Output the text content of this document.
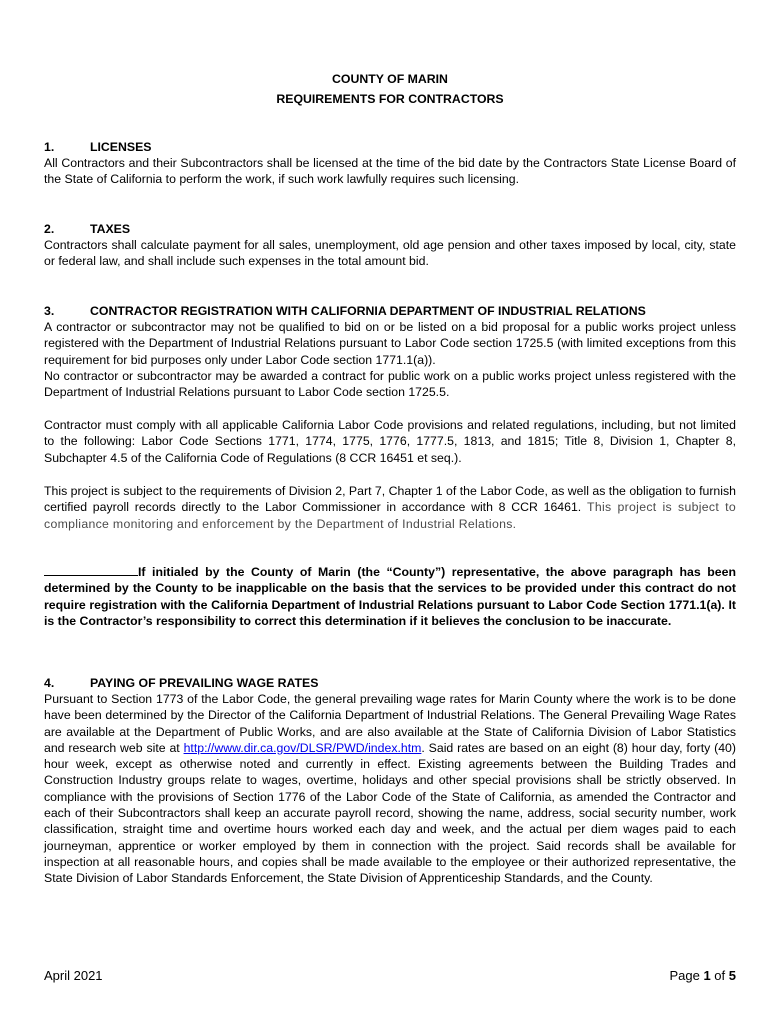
COUNTY OF MARIN
REQUIREMENTS FOR CONTRACTORS
1.	LICENSES
All Contractors and their Subcontractors shall be licensed at the time of the bid date by the Contractors State License Board of the State of California to perform the work, if such work lawfully requires such licensing.
2.	TAXES
Contractors shall calculate payment for all sales, unemployment, old age pension and other taxes imposed by local, city, state or federal law, and shall include such expenses in the total amount bid.
3.	CONTRACTOR REGISTRATION WITH CALIFORNIA DEPARTMENT OF INDUSTRIAL RELATIONS
A contractor or subcontractor may not be qualified to bid on or be listed on a bid proposal for a public works project unless registered with the Department of Industrial Relations pursuant to Labor Code section 1725.5 (with limited exceptions from this requirement for bid purposes only under Labor Code section 1771.1(a)).
No contractor or subcontractor may be awarded a contract for public work on a public works project unless registered with the Department of Industrial Relations pursuant to Labor Code section 1725.5.
Contractor must comply with all applicable California Labor Code provisions and related regulations, including, but not limited to the following: Labor Code Sections 1771, 1774, 1775, 1776, 1777.5, 1813, and 1815; Title 8, Division 1, Chapter 8, Subchapter 4.5 of the California Code of Regulations (8 CCR 16451 et seq.).
This project is subject to the requirements of Division 2, Part 7, Chapter 1 of the Labor Code, as well as the obligation to furnish certified payroll records directly to the Labor Commissioner in accordance with 8 CCR 16461. This project is subject to compliance monitoring and enforcement by the Department of Industrial Relations.
If initialed by the County of Marin (the “County”) representative, the above paragraph has been determined by the County to be inapplicable on the basis that the services to be provided under this contract do not require registration with the California Department of Industrial Relations pursuant to Labor Code Section 1771.1(a). It is the Contractor’s responsibility to correct this determination if it believes the conclusion to be inaccurate.
4.	PAYING OF PREVAILING WAGE RATES
Pursuant to Section 1773 of the Labor Code, the general prevailing wage rates for Marin County where the work is to be done have been determined by the Director of the California Department of Industrial Relations. The General Prevailing Wage Rates are available at the Department of Public Works, and are also available at the State of California Division of Labor Statistics and research web site at http://www.dir.ca.gov/DLSR/PWD/index.htm. Said rates are based on an eight (8) hour day, forty (40) hour week, except as otherwise noted and currently in effect. Existing agreements between the Building Trades and Construction Industry groups relate to wages, overtime, holidays and other special provisions shall be strictly observed. In compliance with the provisions of Section 1776 of the Labor Code of the State of California, as amended the Contractor and each of their Subcontractors shall keep an accurate payroll record, showing the name, address, social security number, work classification, straight time and overtime hours worked each day and week, and the actual per diem wages paid to each journeyman, apprentice or worker employed by them in connection with the project. Said records shall be available for inspection at all reasonable hours, and copies shall be made available to the employee or their authorized representative, the State Division of Labor Standards Enforcement, the State Division of Apprenticeship Standards, and the County.
April 2021	Page 1 of 5
